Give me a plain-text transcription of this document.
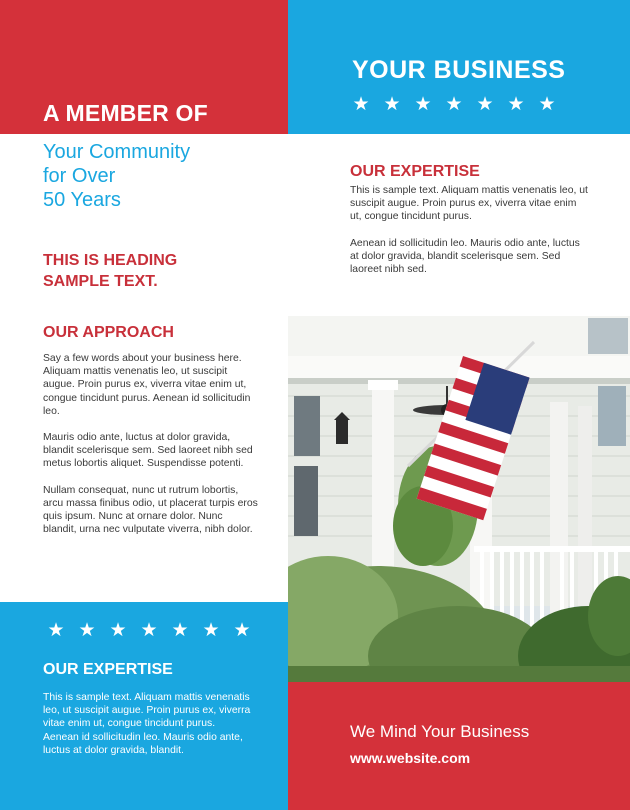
A MEMBER OF
YOUR BUSINESS
★ ★ ★ ★ ★ ★ ★
Your Community
for Over
50 Years
THIS IS HEADING
SAMPLE TEXT.
OUR APPROACH

Say a few words about your business here. Aliquam mattis venenatis leo, ut suscipit augue. Proin purus ex, viverra vitae enim ut, congue tincidunt purus. Aenean id sollicitudin leo.

Mauris odio ante, luctus at dolor gravida, blandit scelerisque sem. Sed laoreet nibh sed metus lobortis aliquet. Suspendisse potenti.

Nullam consequat, nunc ut rutrum lobortis, arcu massa finibus odio, ut placerat turpis eros quis ipsum. Nunc at ornare dolor. Nunc blandit, urna nec vulputate viverra, nibh dolor.

OUR EXPERTISE

This is sample text. Aliquam mattis venenatis leo, ut suscipit augue. Proin purus ex, viverra vitae enim ut, congue tincidunt purus.

Aenean id sollicitudin leo. Mauris odio ante, luctus at dolor gravida, blandit scelerisque sem. Sed laoreet nibh sed.

★ ★ ★ ★ ★ ★ ★
OUR EXPERTISE
This is sample text. Aliquam mattis venenatis leo, ut suscipit augue. Proin purus ex, viverra vitae enim ut, congue tincidunt purus.
Aenean id sollicitudin leo. Mauris odio ante, luctus at dolor gravida, blandit.
We Mind Your Business
www.website.com
